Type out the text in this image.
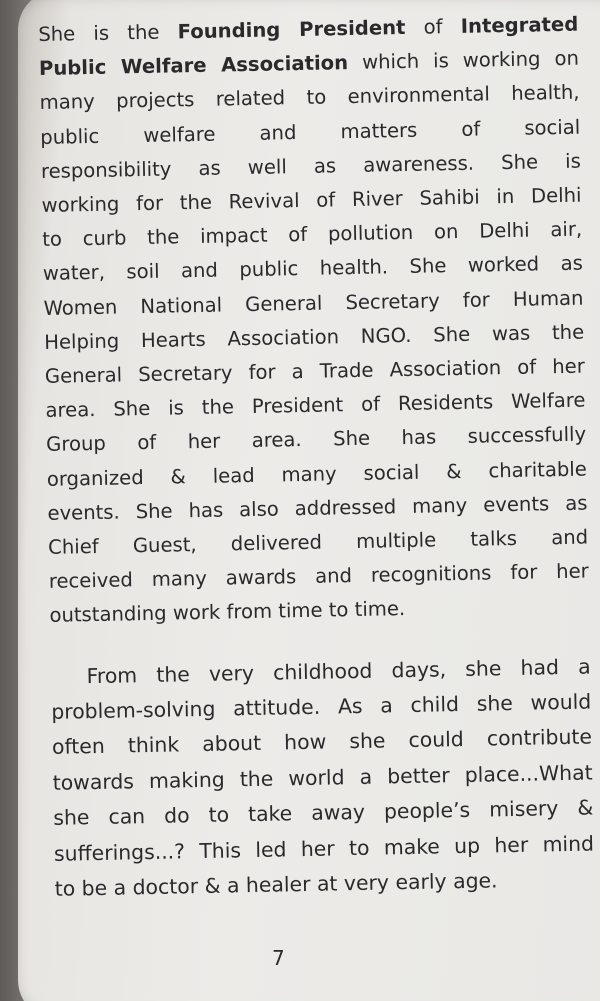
She is the Founding President of Integrated
Public Welfare Association which is working on
many projects related to environmental health,
public welfare and matters of social
responsibility as well as awareness. She is
working for the Revival of River Sahibi in Delhi
to curb the impact of pollution on Delhi air,
water, soil and public health. She worked as
Women National General Secretary for Human
Helping Hearts Association NGO. She was the
General Secretary for a Trade Association of her
area. She is the President of Residents Welfare
Group of her area. She has successfully
organized & lead many social & charitable
events. She has also addressed many events as
Chief Guest, delivered multiple talks and
received many awards and recognitions for her
outstanding work from time to time.
From the very childhood days, she had a
problem-solving attitude. As a child she would
often think about how she could contribute
towards making the world a better place...What
she can do to take away people’s misery &
sufferings...? This led her to make up her mind
to be a doctor & a healer at very early age.
7
